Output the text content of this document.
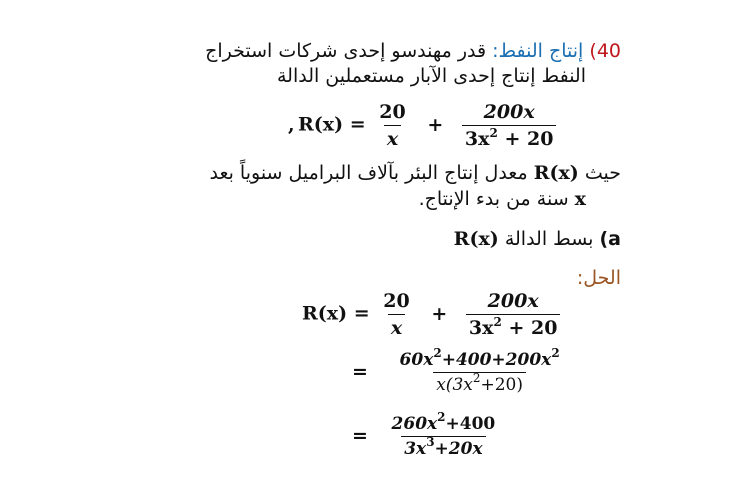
40) إنتاج النفط: قدر مهندسو إحدى شركات استخراج
النفط إنتاج إحدى الآبار مستعملين الدالة
$R(x) = \frac{20}{x} + \frac{200x}{3x^2 + 20}$
,
حيث R(x) معدل إنتاج البئر بآلاف البراميل سنوياً بعد
x سنة من بدء الإنتاج.
a) بسط الدالة R(x)
الحل:
$R(x) = \frac{20}{x} + \frac{200x}{3x^2 + 20}$
= $\frac{60x^2+400+200x^2}{x(3x^2+20)}$
= $\frac{260x^2+400}{3x^3+20x}$
